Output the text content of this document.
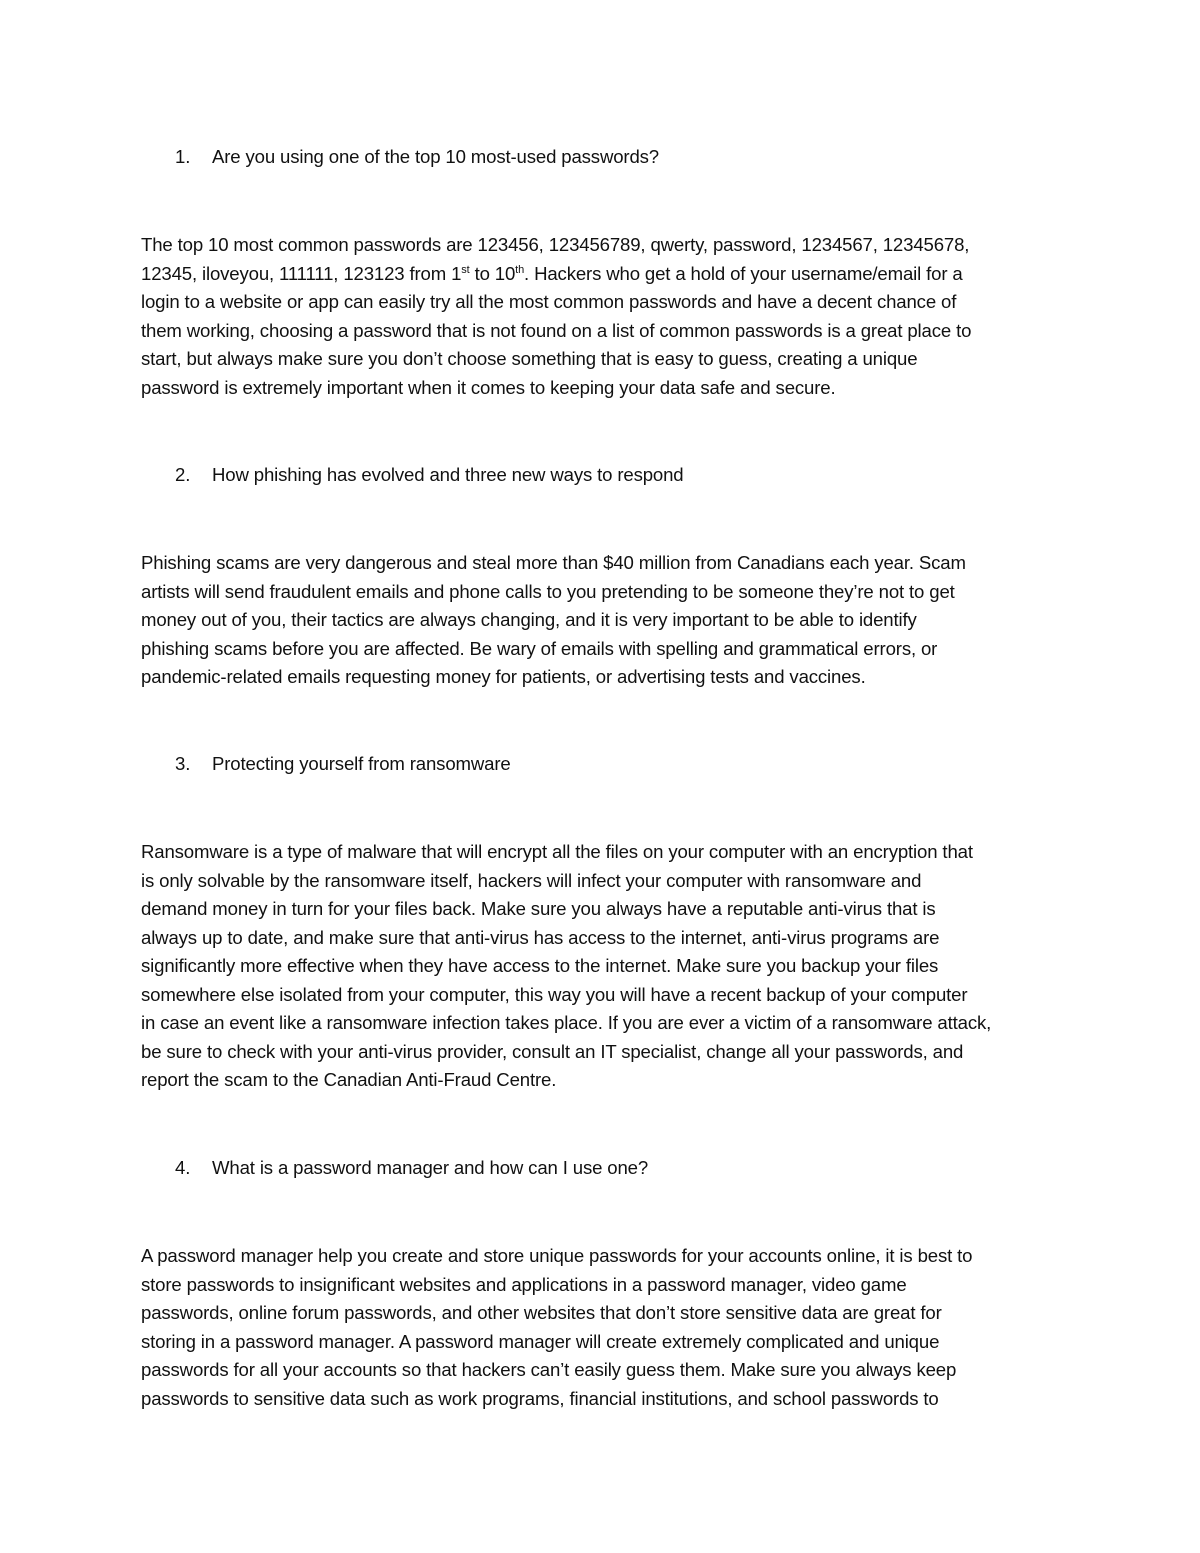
1. Are you using one of the top 10 most-used passwords?

The top 10 most common passwords are 123456, 123456789, qwerty, password, 1234567, 12345678,
12345, iloveyou, 111111, 123123 from 1st to 10th. Hackers who get a hold of your username/email for a
login to a website or app can easily try all the most common passwords and have a decent chance of
them working, choosing a password that is not found on a list of common passwords is a great place to
start, but always make sure you don’t choose something that is easy to guess, creating a unique
password is extremely important when it comes to keeping your data safe and secure.

2. How phishing has evolved and three new ways to respond

Phishing scams are very dangerous and steal more than $40 million from Canadians each year. Scam
artists will send fraudulent emails and phone calls to you pretending to be someone they’re not to get
money out of you, their tactics are always changing, and it is very important to be able to identify
phishing scams before you are affected. Be wary of emails with spelling and grammatical errors, or
pandemic-related emails requesting money for patients, or advertising tests and vaccines.

3. Protecting yourself from ransomware

Ransomware is a type of malware that will encrypt all the files on your computer with an encryption that
is only solvable by the ransomware itself, hackers will infect your computer with ransomware and
demand money in turn for your files back. Make sure you always have a reputable anti-virus that is
always up to date, and make sure that anti-virus has access to the internet, anti-virus programs are
significantly more effective when they have access to the internet. Make sure you backup your files
somewhere else isolated from your computer, this way you will have a recent backup of your computer
in case an event like a ransomware infection takes place. If you are ever a victim of a ransomware attack,
be sure to check with your anti-virus provider, consult an IT specialist, change all your passwords, and
report the scam to the Canadian Anti-Fraud Centre.

4. What is a password manager and how can I use one?

A password manager help you create and store unique passwords for your accounts online, it is best to
store passwords to insignificant websites and applications in a password manager, video game
passwords, online forum passwords, and other websites that don’t store sensitive data are great for
storing in a password manager. A password manager will create extremely complicated and unique
passwords for all your accounts so that hackers can’t easily guess them. Make sure you always keep
passwords to sensitive data such as work programs, financial institutions, and school passwords to
